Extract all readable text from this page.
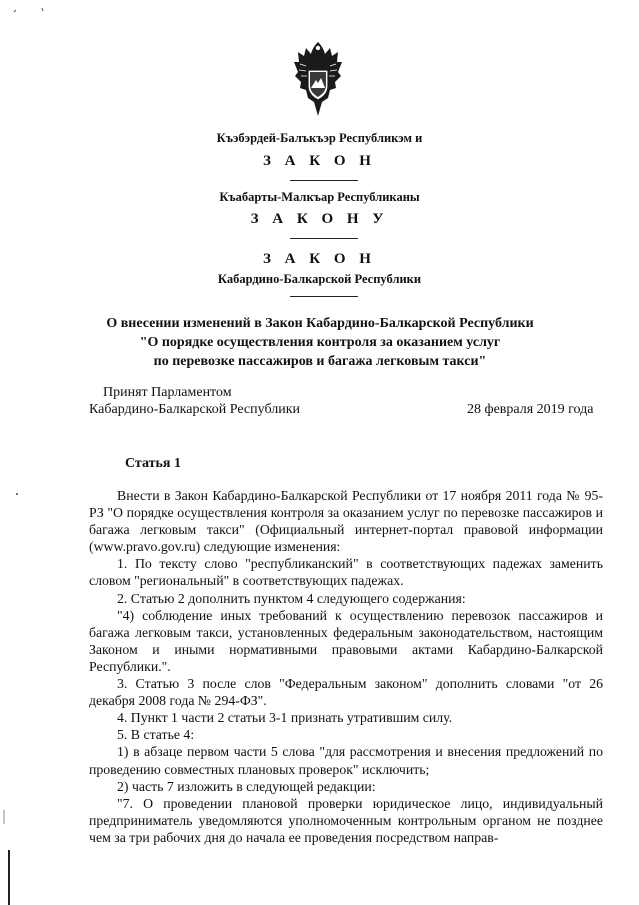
Къэбэрдей-Балъкъэр Республикэм и
З А К О Н
Къабарты-Малкъар Республиканы
З А К О Н У
З А К О Н
Кабардино-Балкарской Республики
О внесении изменений в Закон Кабардино-Балкарской Республики
"О порядке осуществления контроля за оказанием услуг
по перевозке пассажиров и багажа легковым такси"
Принят Парламентом
Кабардино-Балкарской Республики	28 февраля 2019 года
Статья 1

Внести в Закон Кабардино-Балкарской Республики от 17 ноября 2011 года № 95-РЗ "О порядке осуществления контроля за оказанием услуг по перевозке пассажиров и багажа легковым такси" (Официальный интернет-портал правовой информации (www.pravo.gov.ru) следующие изменения:

1. По тексту слово "республиканский" в соответствующих падежах заменить словом "региональный" в соответствующих падежах.

2. Статью 2 дополнить пунктом 4 следующего содержания:

"4) соблюдение иных требований к осуществлению перевозок пассажиров и багажа легковым такси, установленных федеральным законодательством, настоящим Законом и иными нормативными правовыми актами Кабардино-Балкарской Республики.".

3. Статью 3 после слов "Федеральным законом" дополнить словами "от 26 декабря 2008 года № 294-ФЗ".

4. Пункт 1 части 2 статьи 3-1 признать утратившим силу.

5. В статье 4:

1) в абзаце первом части 5 слова "для рассмотрения и внесения предложений по проведению совместных плановых проверок" исключить;

2) часть 7 изложить в следующей редакции:

"7. О проведении плановой проверки юридическое лицо, индивидуальный предприниматель уведомляются уполномоченным контрольным органом не позднее чем за три рабочих дня до начала ее проведения посредством направ-
